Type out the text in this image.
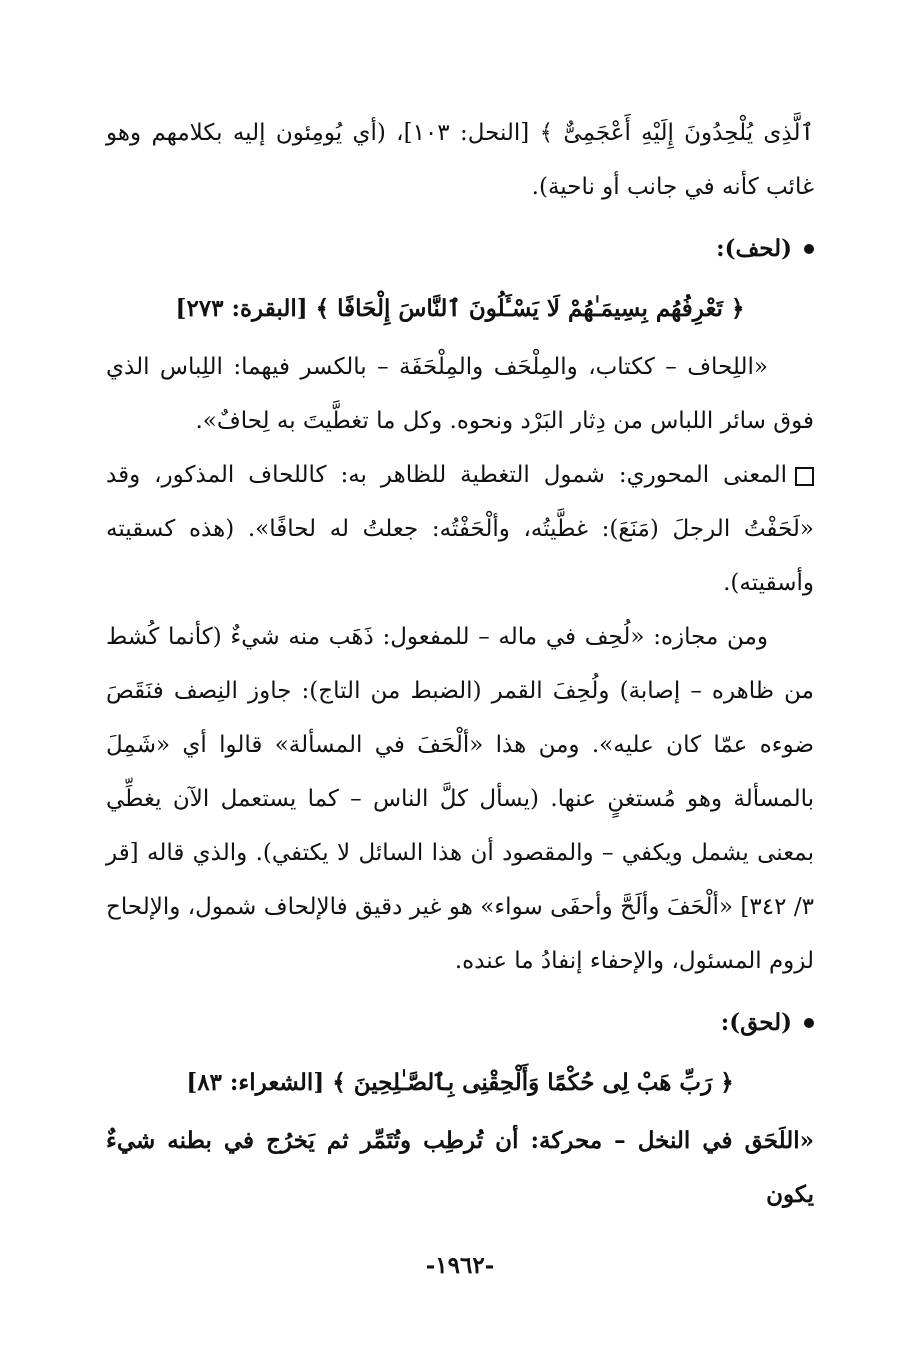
ٱلَّذِى يُلْحِدُونَ إِلَيْهِ أَعْجَمِىٌّ ﴾ [النحل: ١٠٣]، (أي يُومِئون إليه بكلامهم وهو غائب كأنه في جانب أو ناحية).

(لحف):

﴿ تَعْرِفُهُم بِسِيمَـٰهُمْ لَا يَسْـَٔلُونَ ٱلنَّاسَ إِلْحَافًا ﴾ [البقرة: ٢٧٣]

«اللِحاف – ككتاب، والمِلْحَف والمِلْحَفَة – بالكسر فيهما: اللِباس الذي فوق سائر اللباس من دِثار البَرْد ونحوه. وكل ما تغطَّيتَ به لِحافٌ».

المعنى المحوري: شمول التغطية للظاهر به: كاللحاف المذكور، وقد «لَحَفْتُ الرجلَ (مَنَعَ): غطَّيتُه، وألْحَفْتُه: جعلتُ له لحافًا». (هذه كسقيته وأسقيته).

ومن مجازه: «لُحِف في ماله – للمفعول: ذَهَب منه شيءٌ (كأنما كُشط من ظاهره – إصابة) ولُحِفَ القمر (الضبط من التاج): جاوز النِصف فنَقَصَ ضوءه عمّا كان عليه». ومن هذا «ألْحَفَ في المسألة» قالوا أي «شَمِلَ بالمسألة وهو مُستغنٍ عنها. (يسأل كلَّ الناس – كما يستعمل الآن يغطِّي بمعنى يشمل ويكفي – والمقصود أن هذا السائل لا يكتفي). والذي قاله [قر ٣/ ٣٤٢] «ألْحَفَ وألَحَّ وأحفَى سواء» هو غير دقيق فالإلحاف شمول، والإلحاح لزوم المسئول، والإحفاء إنفادُ ما عنده.

(لحق):

﴿ رَبِّ هَبْ لِى حُكْمًا وَأَلْحِقْنِى بِٱلصَّـٰلِحِينَ ﴾ [الشعراء: ٨٣]

«اللَحَق في النخل – محركة: أن تُرطِب وتُتَمِّر ثم يَخرُج في بطنه شيءٌ يكون

-١٩٦٢-
